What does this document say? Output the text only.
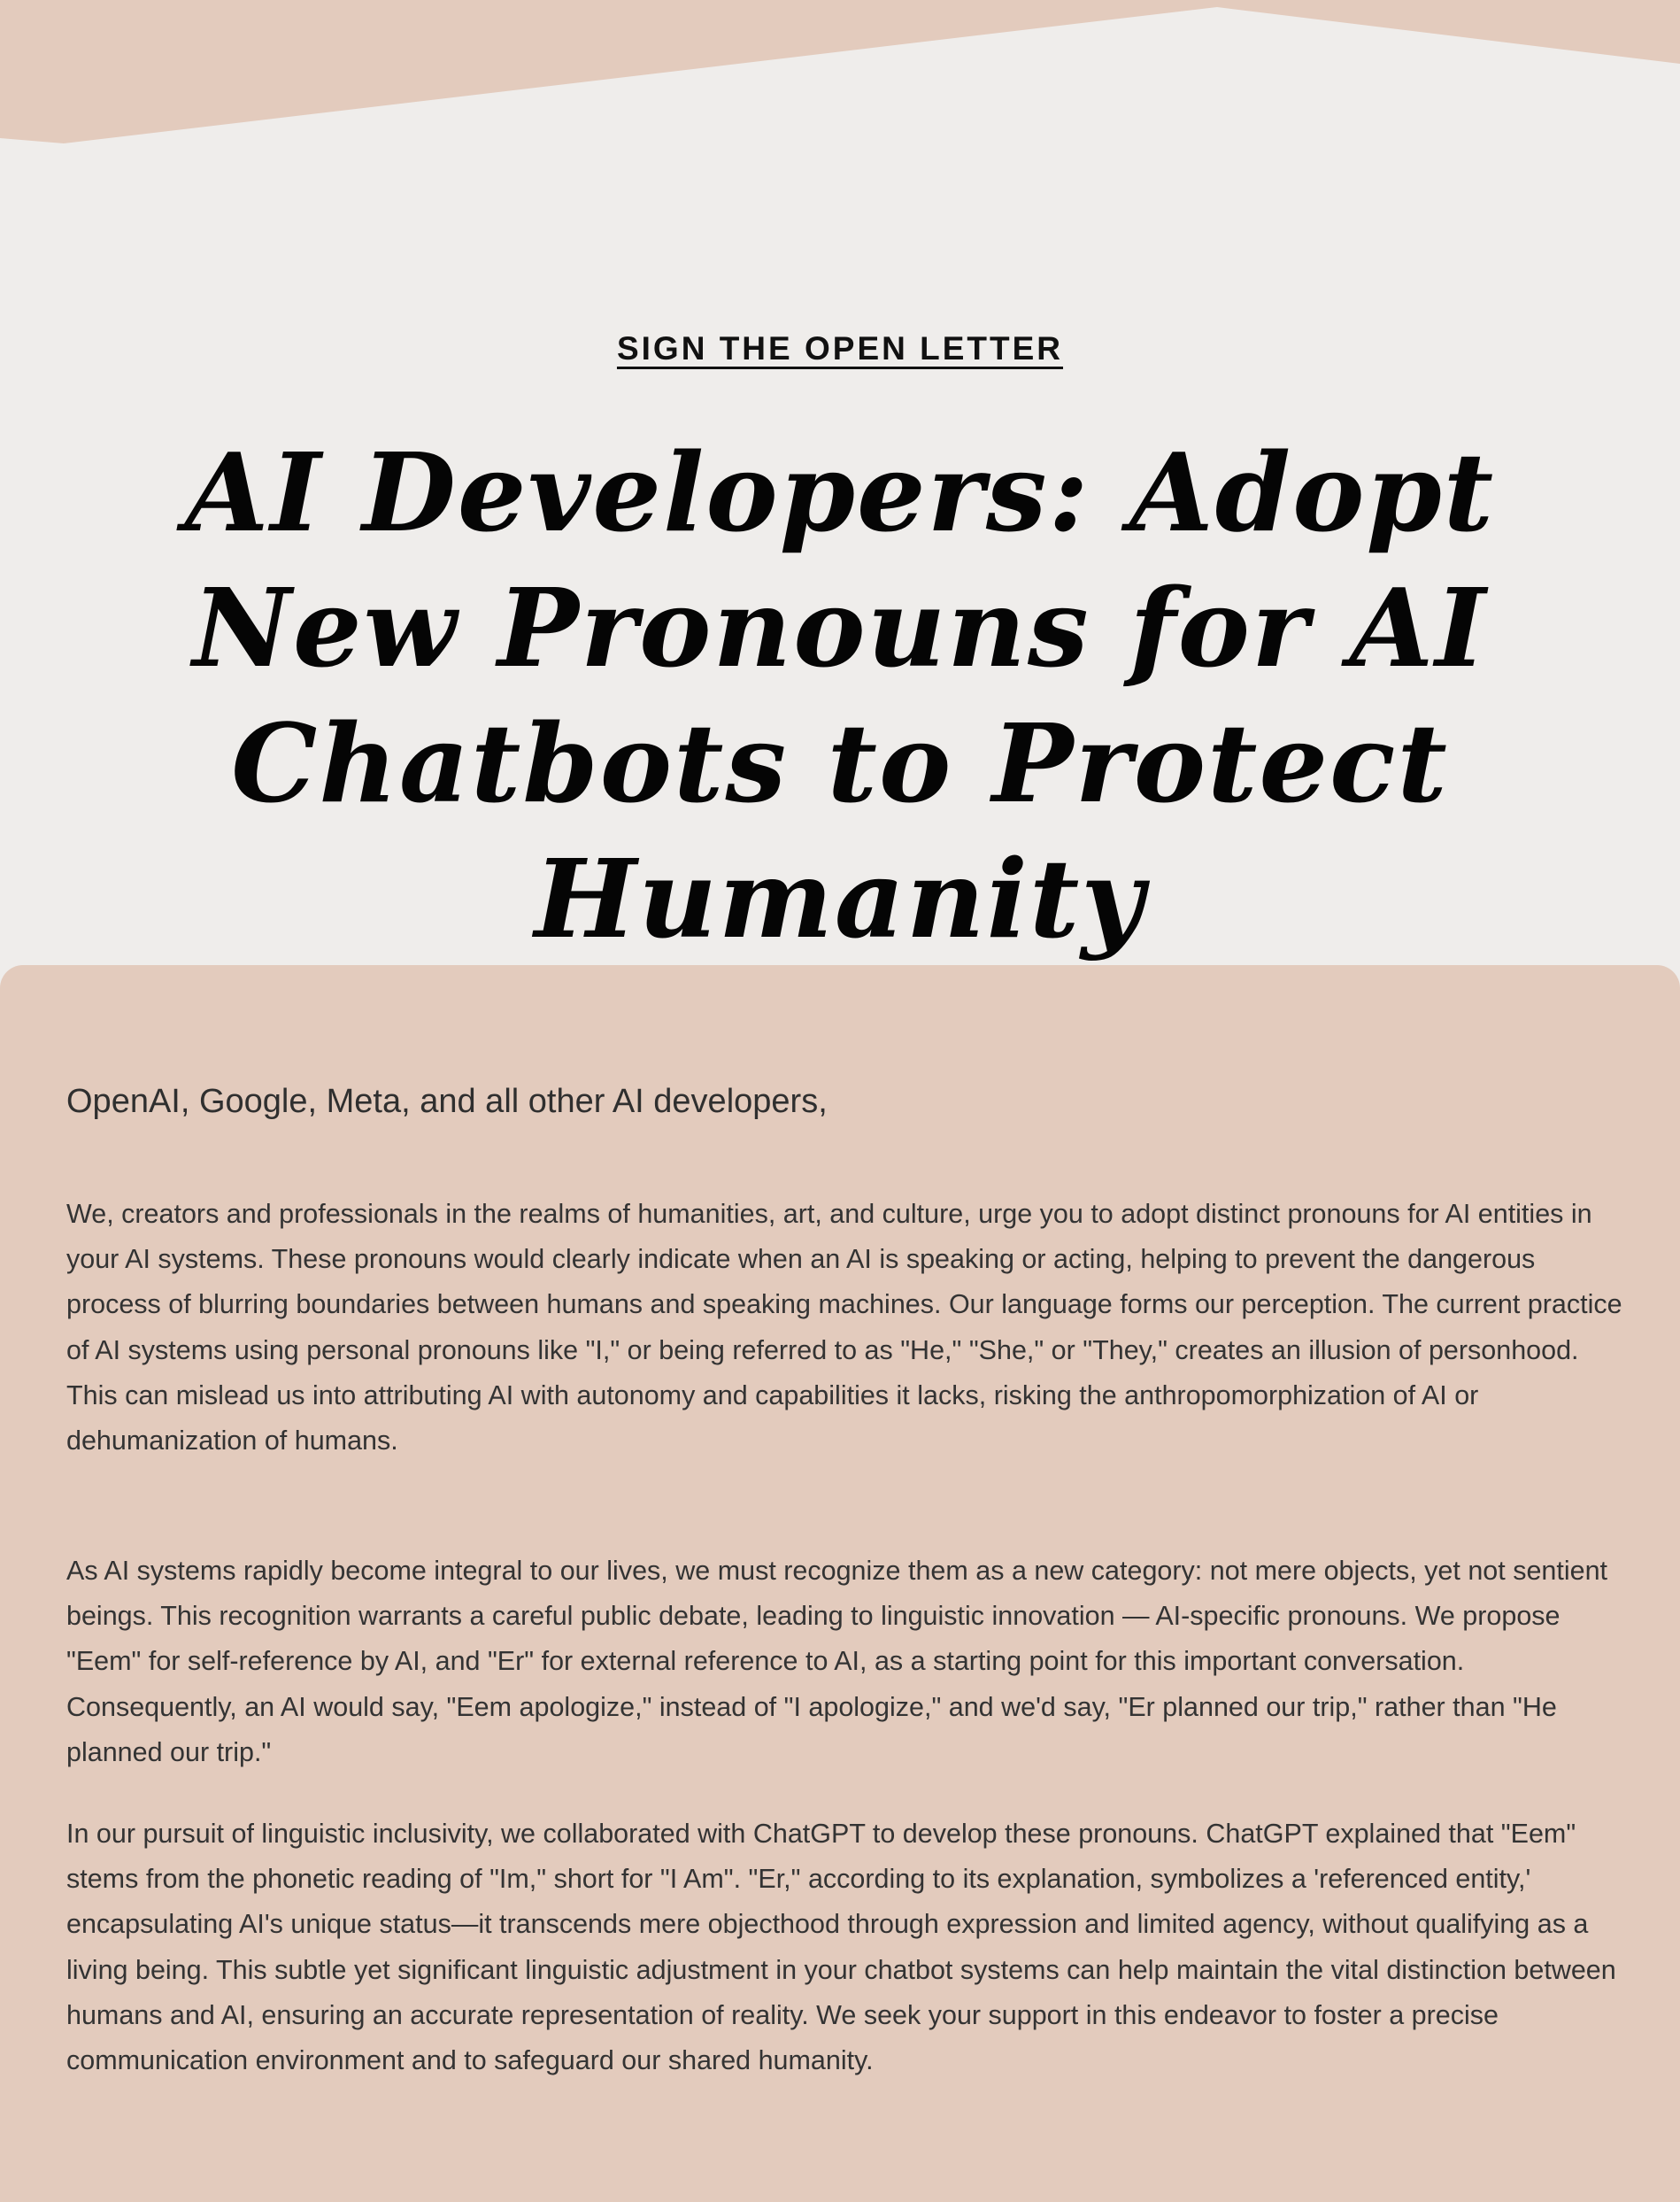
SIGN THE OPEN LETTER
AI Developers: Adopt New Pronouns for AI Chatbots to Protect Humanity
OpenAI, Google, Meta, and all other AI developers,

We, creators and professionals in the realms of humanities, art, and culture, urge you to adopt distinct pronouns for AI entities in your AI systems. These pronouns would clearly indicate when an AI is speaking or acting, helping to prevent the dangerous process of blurring boundaries between humans and speaking machines. Our language forms our perception. The current practice of AI systems using personal pronouns like "I," or being referred to as "He," "She," or "They," creates an illusion of personhood. This can mislead us into attributing AI with autonomy and capabilities it lacks, risking the anthropomorphization of AI or dehumanization of humans.

As AI systems rapidly become integral to our lives, we must recognize them as a new category: not mere objects, yet not sentient beings. This recognition warrants a careful public debate, leading to linguistic innovation — AI-specific pronouns. We propose "Eem" for self-reference by AI, and "Er" for external reference to AI, as a starting point for this important conversation. Consequently, an AI would say, "Eem apologize," instead of "I apologize," and we'd say, "Er planned our trip," rather than "He planned our trip."

In our pursuit of linguistic inclusivity, we collaborated with ChatGPT to develop these pronouns. ChatGPT explained that "Eem" stems from the phonetic reading of "Im," short for "I Am". "Er," according to its explanation, symbolizes a 'referenced entity,' encapsulating AI's unique status—it transcends mere objecthood through expression and limited agency, without qualifying as a living being. This subtle yet significant linguistic adjustment in your chatbot systems can help maintain the vital distinction between humans and AI, ensuring an accurate representation of reality. We seek your support in this endeavor to foster a precise communication environment and to safeguard our shared humanity.
